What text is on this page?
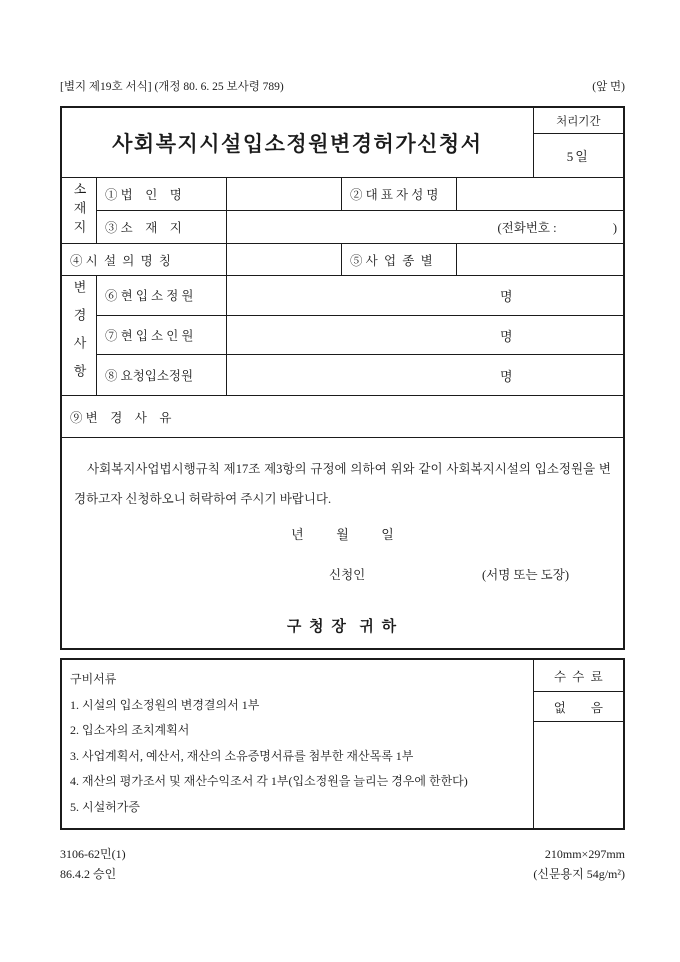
[별지 제19호 서식] (개정 80. 6. 25 보사령 789)	(앞 면)
사회복지시설입소정원변경허가신청서
처리기간
5일
소재지	① 법    인    명	② 대 표 자 성 명
③ 소    재    지	(전화번호 :                  )
④ 시  설  의  명  칭	⑤ 사  업  종  별
변경사항	⑥ 현 입 소 정 원	명
⑦ 현 입 소 인 원	명
⑧ 요청입소정원	명
⑨ 변    경    사    유

사회복지사업법시행규칙 제17조 제3항의 규정에 의하여 위와 같이 사회복지시설의 입소정원을 변경하고자 신청하오니 허락하여 주시기 바랍니다.

년          월          일
신청인	(서명 또는 도장)
구 청 장  귀 하
구비서류
1. 시설의 입소정원의 변경결의서 1부
2. 입소자의 조치계획서
3. 사업계획서, 예산서, 재산의 소유증명서류를 첨부한 재산목록 1부
4. 재산의 평가조서 및 재산수익조서 각 1부(입소정원을 늘리는 경우에 한한다)
5. 시설허가증
수  수  료
없        음
3106-62민(1)	210mm×297mm
86.4.2 승인	(신문용지 54g/m²)
